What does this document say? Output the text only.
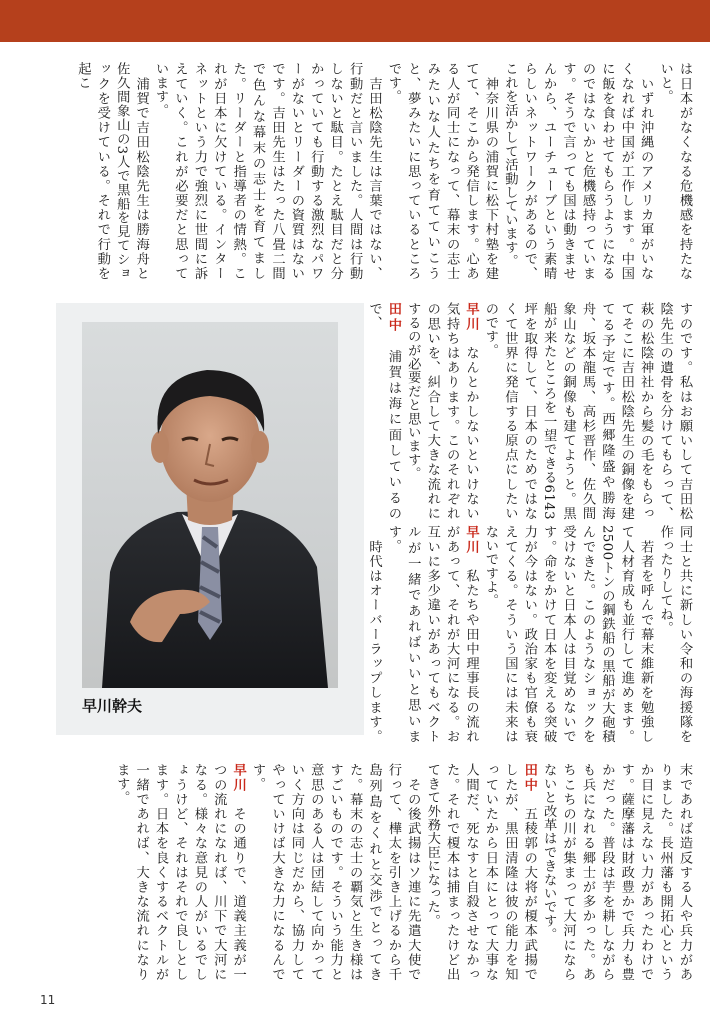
は日本がなくなる危機感を持たないと。
　いずれ沖縄のアメリカ軍がいなくなれば中国が工作します。中国に飯を食わせてもらうようになるのではないかと危機感持っています。そうで言っても国は動きませんから、ユーチューブという素晴らしいネットワークがあるので、これを活かして活動しています。
　神奈川県の浦賀に松下村塾を建てて、そこから発信します。心ある人が同士になって、幕末の志士みたいな人たちを育てていこうと、夢みたいに思っているところです。
　吉田松陰先生は言葉ではない、行動だと言いました。人間は行動しないと駄目。たとえ駄目だと分かっていても行動する激烈なパワーがないとリーダーの資質はないです。吉田先生はたった八畳二間で色んな幕末の志士を育てました。リーダーと指導者の情熱。これが日本に欠けている。インターネットという力で強烈に世間に訴えていく。これが必要だと思っています。
　浦賀で吉田松陰先生は勝海舟と佐久間象山の3人で黒船を見てショックを受けている。それで行動を起こ
すのです。私はお願いして吉田松陰先生の遺骨を分けてもらって、萩の松陰神社から髪の毛をもらってそこに吉田松陰先生の銅像を建てる予定です。西郷隆盛や勝海舟、坂本龍馬、高杉晋作、佐久間象山などの銅像も建てようと。黒船が来たところを一望できる6143坪を取得して、日本のためではなくて世界に発信する原点にしたいのです。
早川　なんとかしないといけない気持ちはあります。このそれぞれの思いを、糾合して大きな流れにするのが必要だと思います。
田中　浦賀は海に面しているので、
同士と共に新しい令和の海援隊を作ったりしてね。
　若者を呼んで幕末維新を勉強して人材育成も並行して進めます。2500トンの鋼鉄船の黒船が大砲積んできた。このようなショックを受けないと日本人は目覚めないです。命をかけて日本を変える突破力が今はない。政治家も官僚も衰えてくる。そういう国には未来はないですよ。
早川　私たちや田中理事長の流れがあって、それが大河になる。お互いに多少違いがあってもベクトルが一緒であればいいと思います。
　時代はオーバーラップします。
末であれば造反する人や兵力がありました。長州藩も開拓心というか目に見えない力があったわけです。薩摩藩は財政豊かで兵力も豊かだった。普段は芋を耕しながらも兵になれる郷士が多かった。あちこちの川が集まって大河にならないと改革はできないです。
田中　五稜郭の大将が榎本武揚でしたが、黒田清隆は彼の能力を知っていたから日本にとって大事な人間だ、死なすと自殺させなかった。それで榎本は捕まったけど出てきて外務大臣になった。
　その後武揚はソ連に先遣大使で行って、樺太を引き上げるから千島列島をくれと交渉でとってきた。幕末の志士の覇気と生き様はすごいものです。そういう能力と意思のある人は団結して向かっていく方向は同じだから、協力してやっていけば大きな力になるんです。
早川　その通りで、道義主義が一つの流れになれば、川下で大河になる。様々な意見の人がいるでしょうけど、それはそれで良しとします。日本を良くするベクトルが一緒であれば、大きな流れになります。
早川幹夫
11
